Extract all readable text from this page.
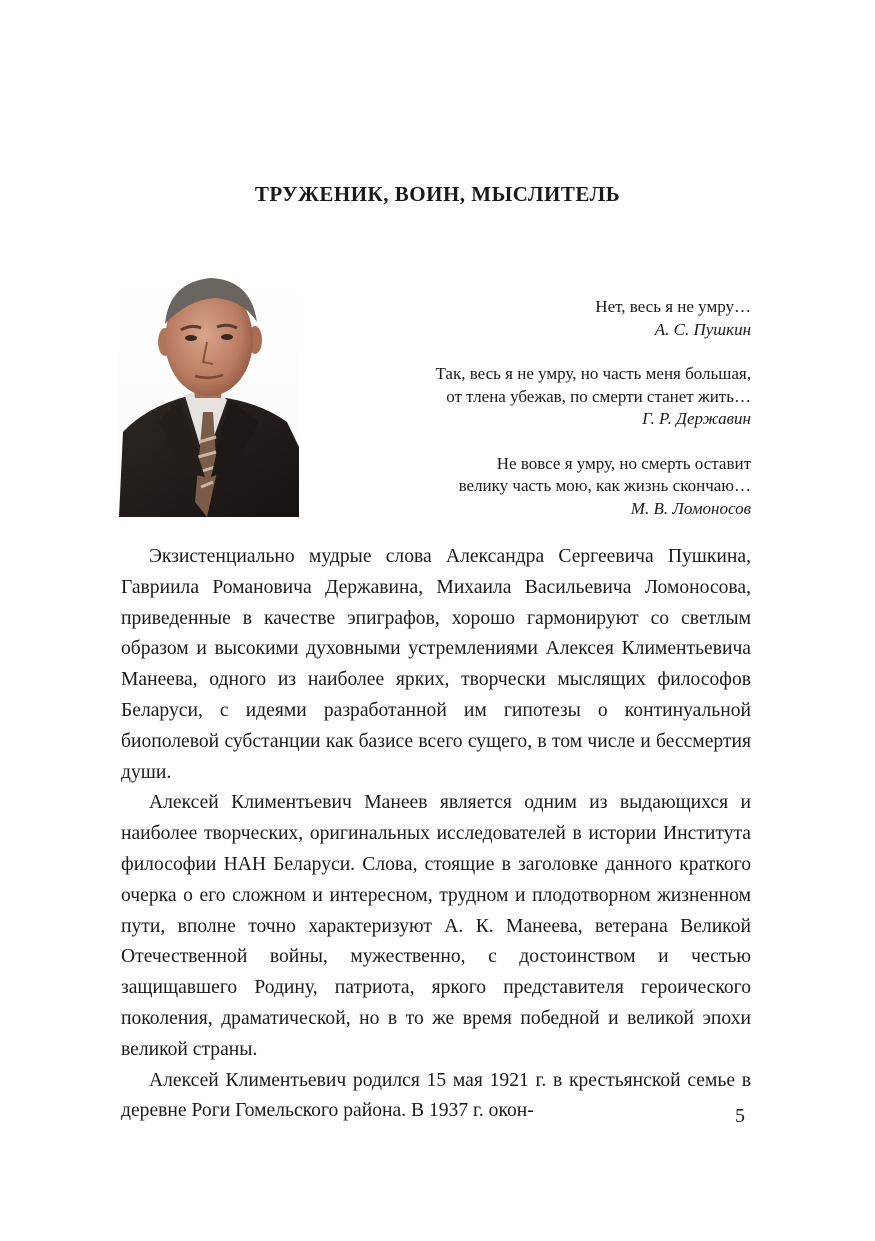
ТРУЖЕНИК, ВОИН, МЫСЛИТЕЛЬ
Нет, весь я не умру…
А. С. Пушкин
Так, весь я не умру, но часть меня большая,
от тлена убежав, по смерти станет жить…
Г. Р. Державин
Не вовсе я умру, но смерть оставит
велику часть мою, как жизнь скончаю…
М. В. Ломоносов

Экзистенциально мудрые слова Александра Сергеевича Пушкина, Гавриила Романовича Державина, Михаила Васильевича Ломоносова, приведенные в качестве эпиграфов, хорошо гармонируют со светлым образом и высокими духовными устремлениями Алексея Климентьевича Манеева, одного из наиболее ярких, творчески мыслящих философов Беларуси, с идеями разработанной им гипотезы о континуальной биополевой субстанции как базисе всего сущего, в том числе и бессмертия души.

Алексей Климентьевич Манеев является одним из выдающихся и наиболее творческих, оригинальных исследователей в истории Института философии НАН Беларуси. Слова, стоящие в заголовке данного краткого очерка о его сложном и интересном, трудном и плодотворном жизненном пути, вполне точно характеризуют А. К. Манеева, ветерана Великой Отечественной войны, мужественно, с достоинством и честью защищавшего Родину, патриота, яркого представителя героического поколения, драматической, но в то же время победной и великой эпохи великой страны.

Алексей Климентьевич родился 15 мая 1921 г. в крестьянской семье в деревне Роги Гомельского района. В 1937 г. окон-	5
